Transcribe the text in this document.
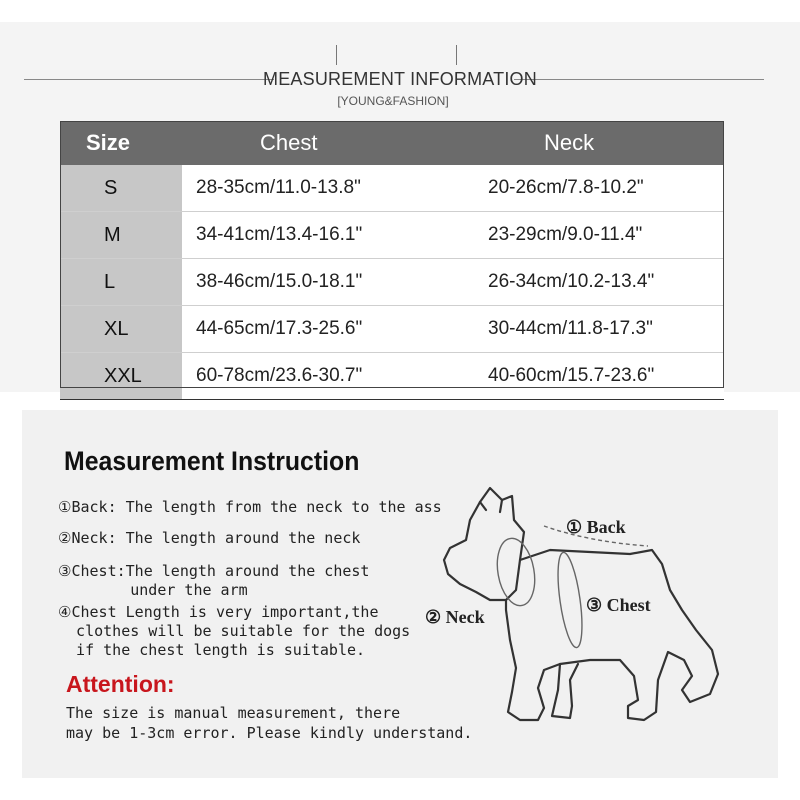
MEASUREMENT INFORMATION
[YOUNG&FASHION]
Size	Chest	Neck
S	28-35cm/11.0-13.8"	20-26cm/7.8-10.2"
M	34-41cm/13.4-16.1"	23-29cm/9.0-11.4"
L	38-46cm/15.0-18.1"	26-34cm/10.2-13.4"
XL	44-65cm/17.3-25.6"	30-44cm/11.8-17.3"
XXL	60-78cm/23.6-30.7"	40-60cm/15.7-23.6"
Measurement Instruction
①Back: The length from the neck to the ass
②Neck: The length around the neck
③Chest:The length around the chest
under the arm
④Chest Length is very important,the
clothes will be suitable for the dogs
if the chest length is suitable.
Attention:
The size is manual measurement, there
may be 1-3cm error. Please kindly understand.
① Back
② Neck
③ Chest
